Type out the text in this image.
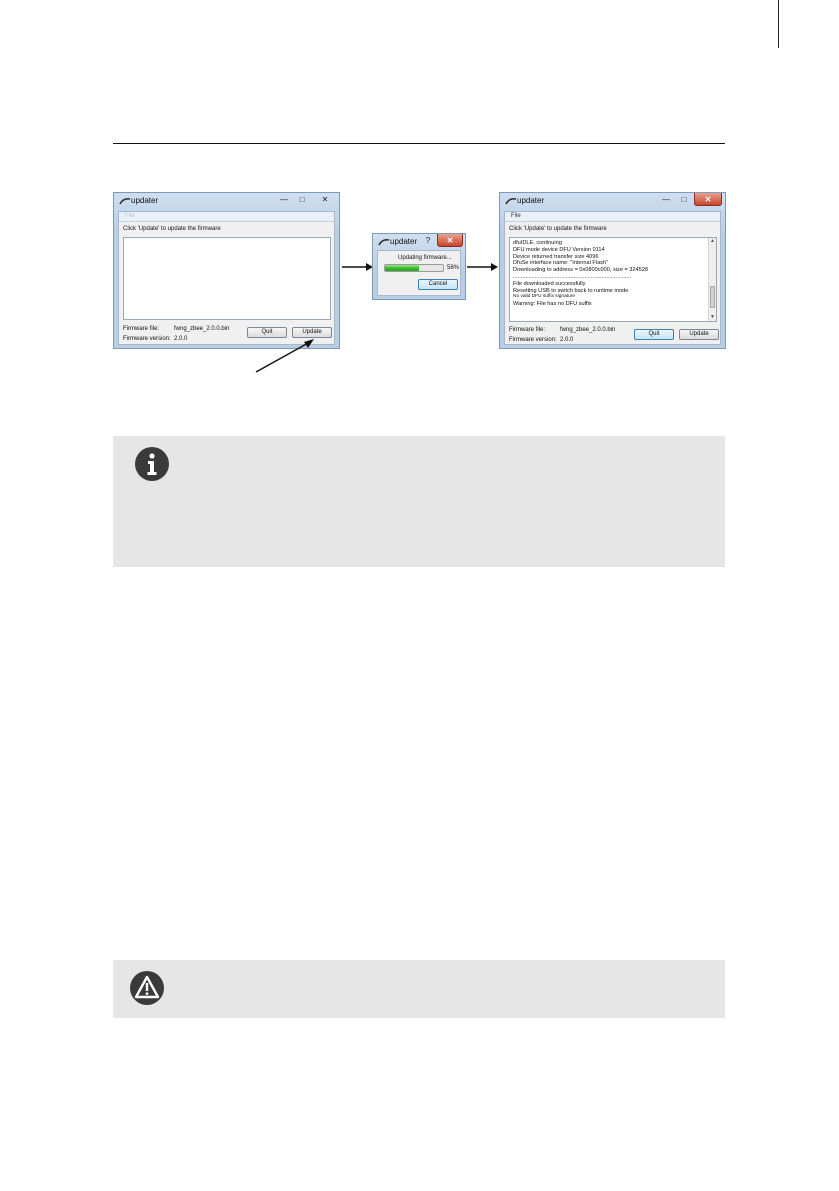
updater	—	□	✕
File
Click 'Update' to update the firmware
Firmware file: fwng_zbee_2.0.0.bin
Firmware version: 2.0.0
Quit	Update
updater	?	✕
Updating firmware...
58%
Cancel
updater	—	□	✕
File
Click 'Update' to update the firmware
dfuIDLE, continuing
DFU mode device DFU Version 0114
Device returned transfer size 4096
DfuSe interface name: "Internal Flash"
Downloading to address = 0x0800c000, size = 324528
............................................................................
File downloaded successfully
Resetting USB to switch back to runtime mode
No valid DFU suffix signature
Warning: File has no DFU suffix
▲
▼
Firmware file: fwng_zbee_2.0.0.bin
Firmware version: 2.0.0
Quit	Update
